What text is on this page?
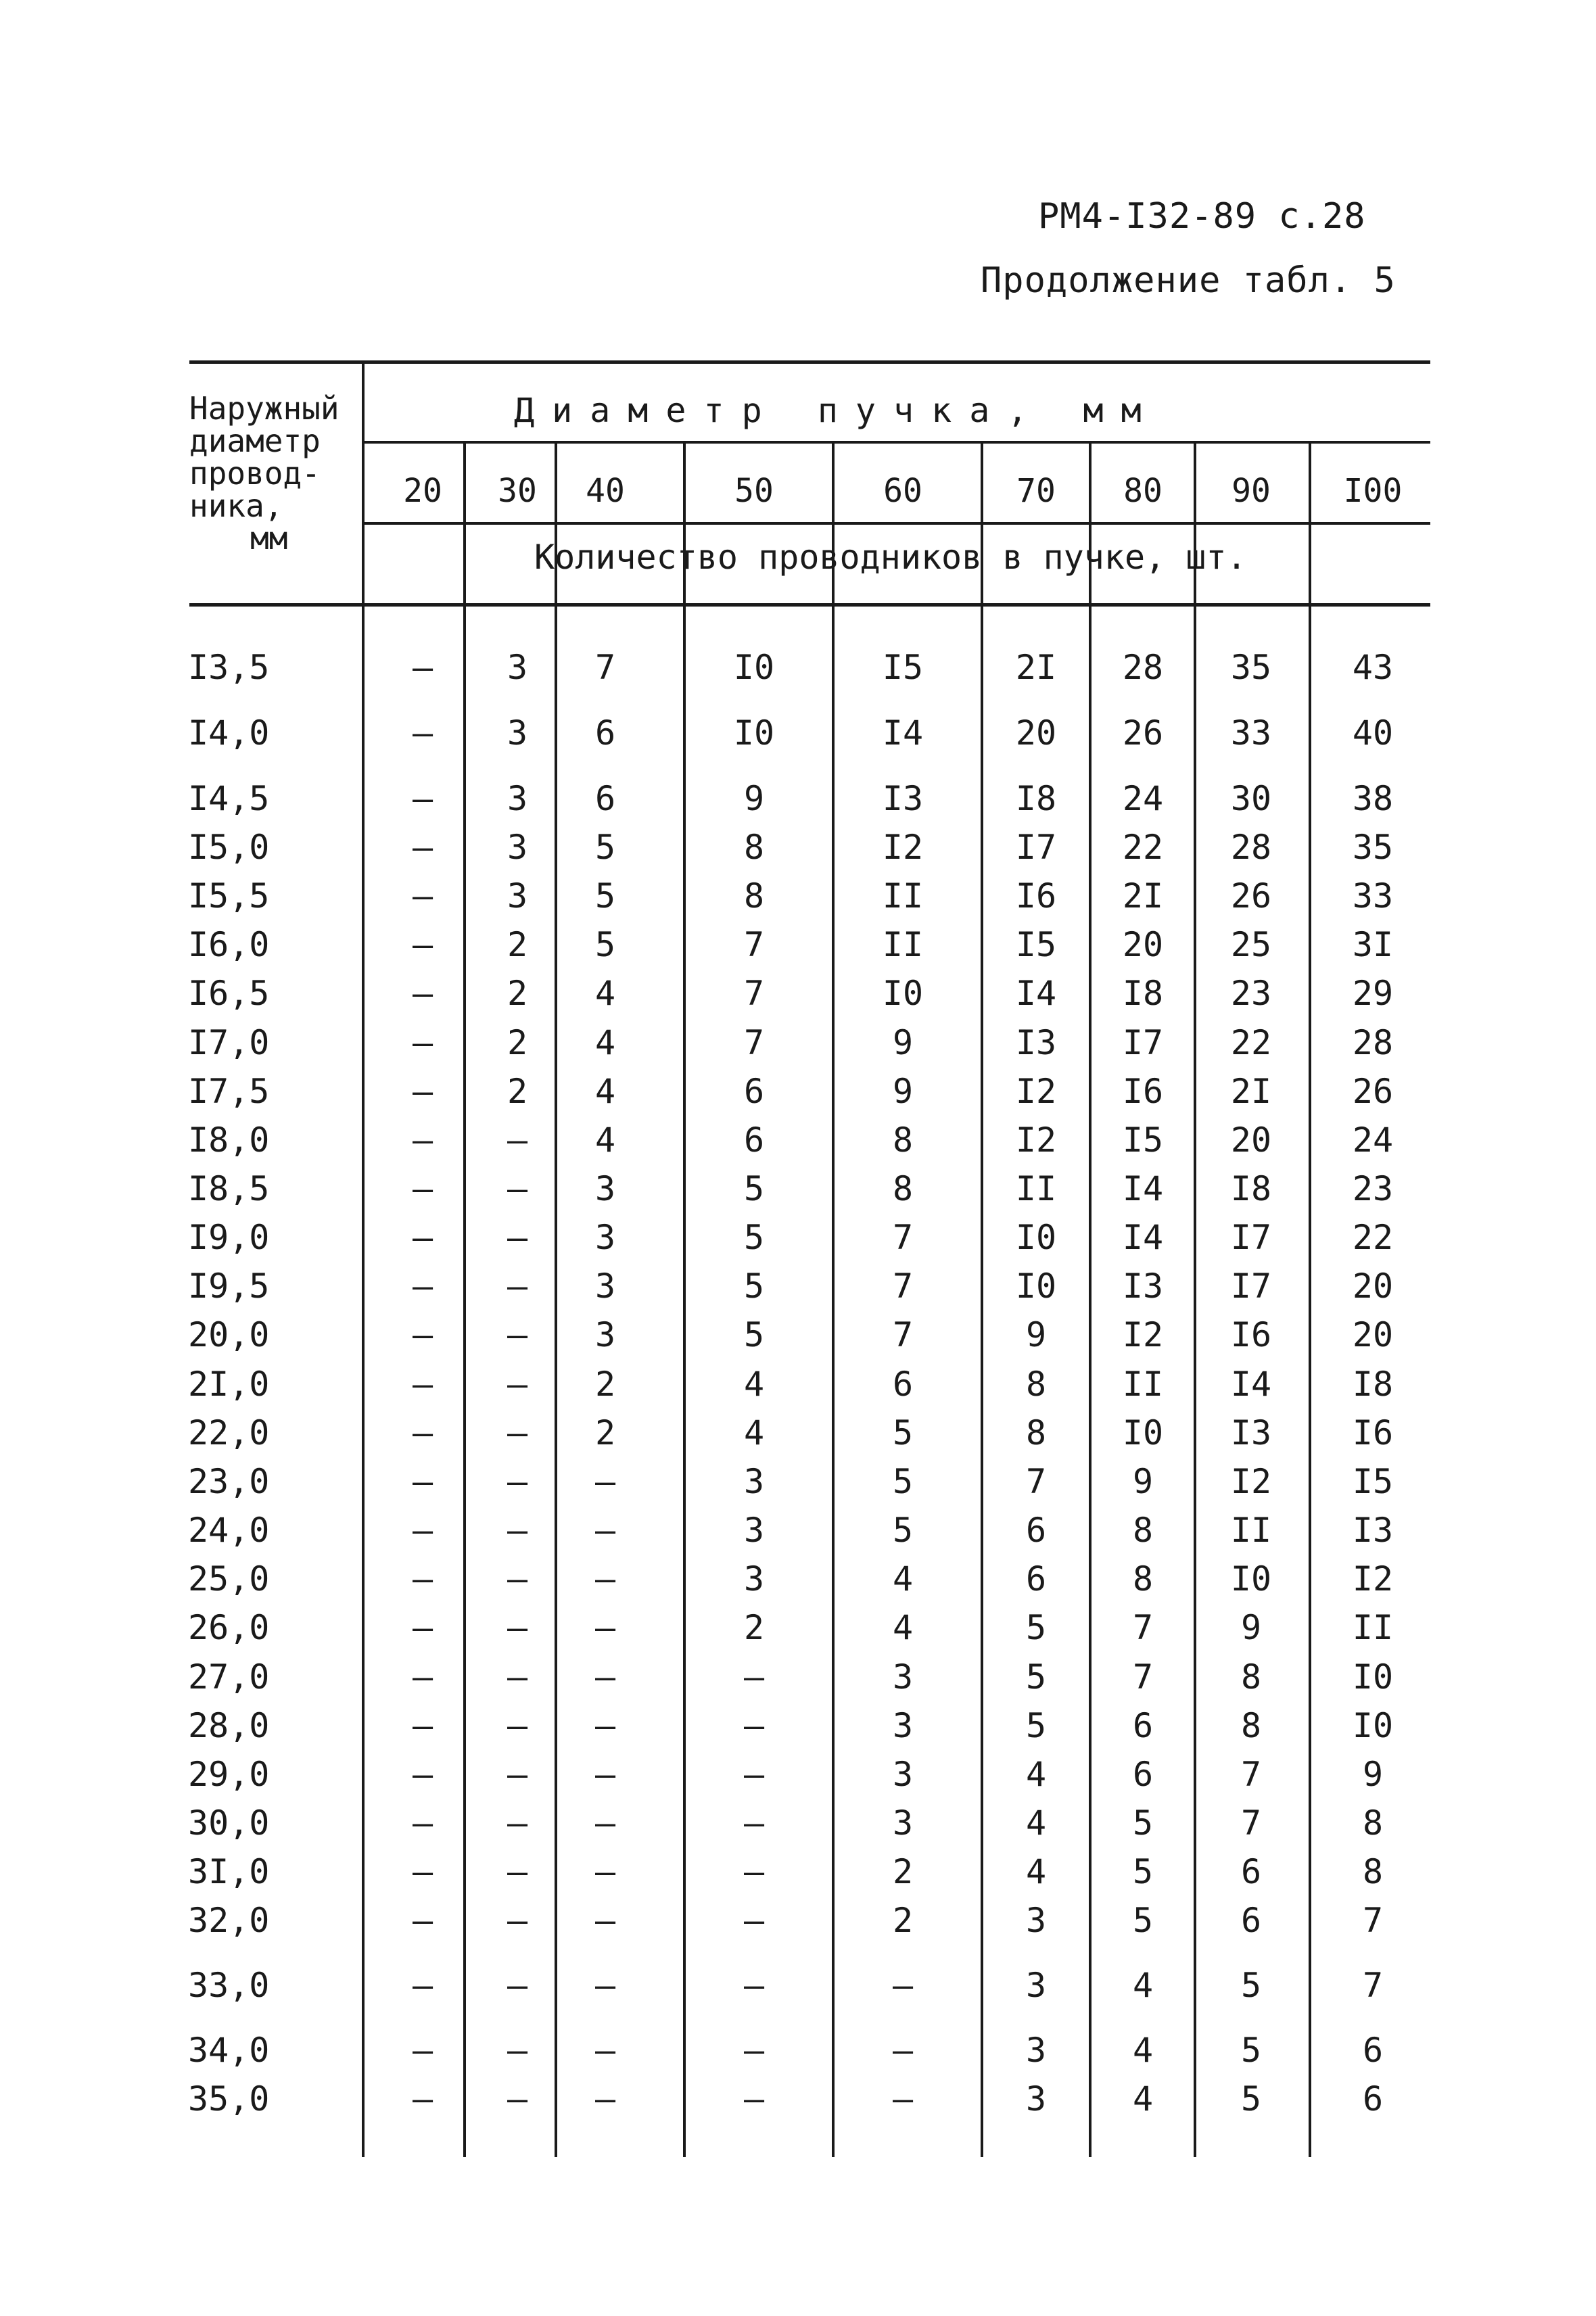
РМ4-I32-89 с.28
Продолжение табл. 5
Наружный
диаметр
провод-
ника,
мм
Диаметр пучка, мм
20	30	40	50	60	70	80	90	I00
Количество проводников в пучке, шт.
I3,5	–	3	7	I0	I5	2I	28	35	43
I4,0	–	3	6	I0	I4	20	26	33	40
I4,5	–	3	6	9	I3	I8	24	30	38
I5,0	–	3	5	8	I2	I7	22	28	35
I5,5	–	3	5	8	II	I6	2I	26	33
I6,0	–	2	5	7	II	I5	20	25	3I
I6,5	–	2	4	7	I0	I4	I8	23	29
I7,0	–	2	4	7	9	I3	I7	22	28
I7,5	–	2	4	6	9	I2	I6	2I	26
I8,0	–	–	4	6	8	I2	I5	20	24
I8,5	–	–	3	5	8	II	I4	I8	23
I9,0	–	–	3	5	7	I0	I4	I7	22
I9,5	–	–	3	5	7	I0	I3	I7	20
20,0	–	–	3	5	7	9	I2	I6	20
2I,0	–	–	2	4	6	8	II	I4	I8
22,0	–	–	2	4	5	8	I0	I3	I6
23,0	–	–	–	3	5	7	9	I2	I5
24,0	–	–	–	3	5	6	8	II	I3
25,0	–	–	–	3	4	6	8	I0	I2
26,0	–	–	–	2	4	5	7	9	II
27,0	–	–	–	–	3	5	7	8	I0
28,0	–	–	–	–	3	5	6	8	I0
29,0	–	–	–	–	3	4	6	7	9
30,0	–	–	–	–	3	4	5	7	8
3I,0	–	–	–	–	2	4	5	6	8
32,0	–	–	–	–	2	3	5	6	7
33,0	–	–	–	–	–	3	4	5	7
34,0	–	–	–	–	–	3	4	5	6
35,0	–	–	–	–	–	3	4	5	6
